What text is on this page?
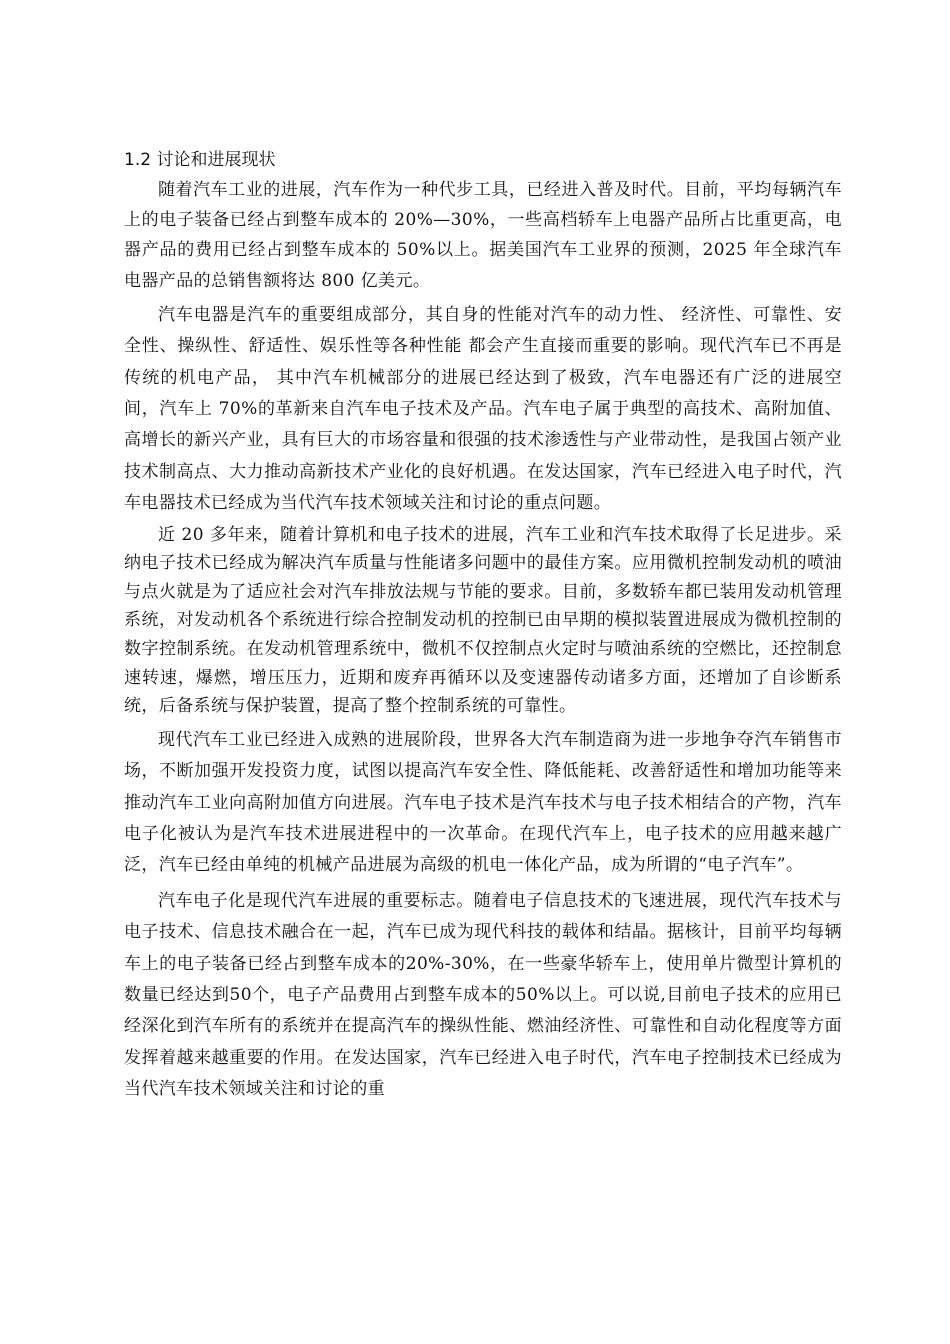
1.2 讨论和进展现状

随着汽车工业的进展，汽车作为一种代步工具，已经进入普及时代。目前，平均每辆汽车上的电子装备已经占到整车成本的 20%—30%，一些高档轿车上电器产品所占比重更高，电器产品的费用已经占到整车成本的 50%以上。据美国汽车工业界的预测，2025 年全球汽车电器产品的总销售额将达 800 亿美元。

汽车电器是汽车的重要组成部分，其自身的性能对汽车的动力性、 经济性、可靠性、安全性、操纵性、舒适性、娱乐性等各种性能 都会产生直接而重要的影响。现代汽车已不再是传统的机电产品， 其中汽车机械部分的进展已经达到了极致，汽车电器还有广泛的进展空间，汽车上 70%的革新来自汽车电子技术及产品。汽车电子属于典型的高技术、高附加值、高增长的新兴产业，具有巨大的市场容量和很强的技术渗透性与产业带动性，是我国占领产业技术制高点、大力推动高新技术产业化的良好机遇。在发达国家，汽车已经进入电子时代，汽车电器技术已经成为当代汽车技术领域关注和讨论的重点问题。

近 20 多年来，随着计算机和电子技术的进展，汽车工业和汽车技术取得了长足进步。采纳电子技术已经成为解决汽车质量与性能诸多问题中的最佳方案。应用微机控制发动机的喷油与点火就是为了适应社会对汽车排放法规与节能的要求。目前，多数轿车都已装用发动机管理系统，对发动机各个系统进行综合控制发动机的控制已由早期的模拟装置进展成为微机控制的数字控制系统。在发动机管理系统中，微机不仅控制点火定时与喷油系统的空燃比，还控制怠速转速，爆燃，增压压力，近期和废弃再循环以及变速器传动诸多方面，还增加了自诊断系统，后备系统与保护装置，提高了整个控制系统的可靠性。

现代汽车工业已经进入成熟的进展阶段，世界各大汽车制造商为进一步地争夺汽车销售市场，不断加强开发投资力度，试图以提高汽车安全性、降低能耗、改善舒适性和增加功能等来推动汽车工业向高附加值方向进展。汽车电子技术是汽车技术与电子技术相结合的产物，汽车电子化被认为是汽车技术进展进程中的一次革命。在现代汽车上，电子技术的应用越来越广泛，汽车已经由单纯的机械产品进展为高级的机电一体化产品，成为所谓的“电子汽车”。

汽车电子化是现代汽车进展的重要标志。随着电子信息技术的飞速进展，现代汽车技术与电子技术、信息技术融合在一起，汽车已成为现代科技的载体和结晶。据核计，目前平均每辆车上的电子装备已经占到整车成本的20%-30%，在一些豪华轿车上，使用单片微型计算机的数量已经达到50个，电子产品费用占到整车成本的50%以上。可以说,目前电子技术的应用已经深化到汽车所有的系统并在提高汽车的操纵性能、燃油经济性、可靠性和自动化程度等方面发挥着越来越重要的作用。在发达国家，汽车已经进入电子时代，汽车电子控制技术已经成为当代汽车技术领域关注和讨论的重
